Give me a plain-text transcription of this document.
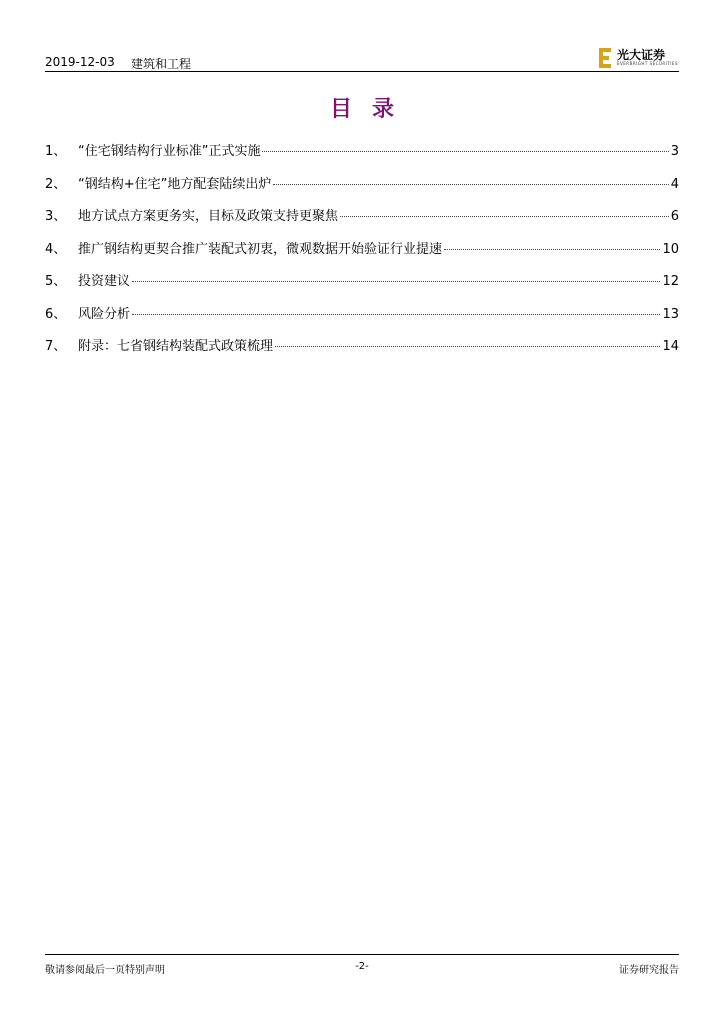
2019-12-03 建筑和工程
光大证券
EVERBRIGHT SECURITIES
目录
1、 “住宅钢结构行业标准”正式实施	3
2、 “钢结构+住宅”地方配套陆续出炉	4
3、 地方试点方案更务实，目标及政策支持更聚焦	6
4、 推广钢结构更契合推广装配式初衷，微观数据开始验证行业提速	10
5、 投资建议	12
6、 风险分析	13
7、 附录：七省钢结构装配式政策梳理	14
敬请参阅最后一页特别声明	-2-	证券研究报告
